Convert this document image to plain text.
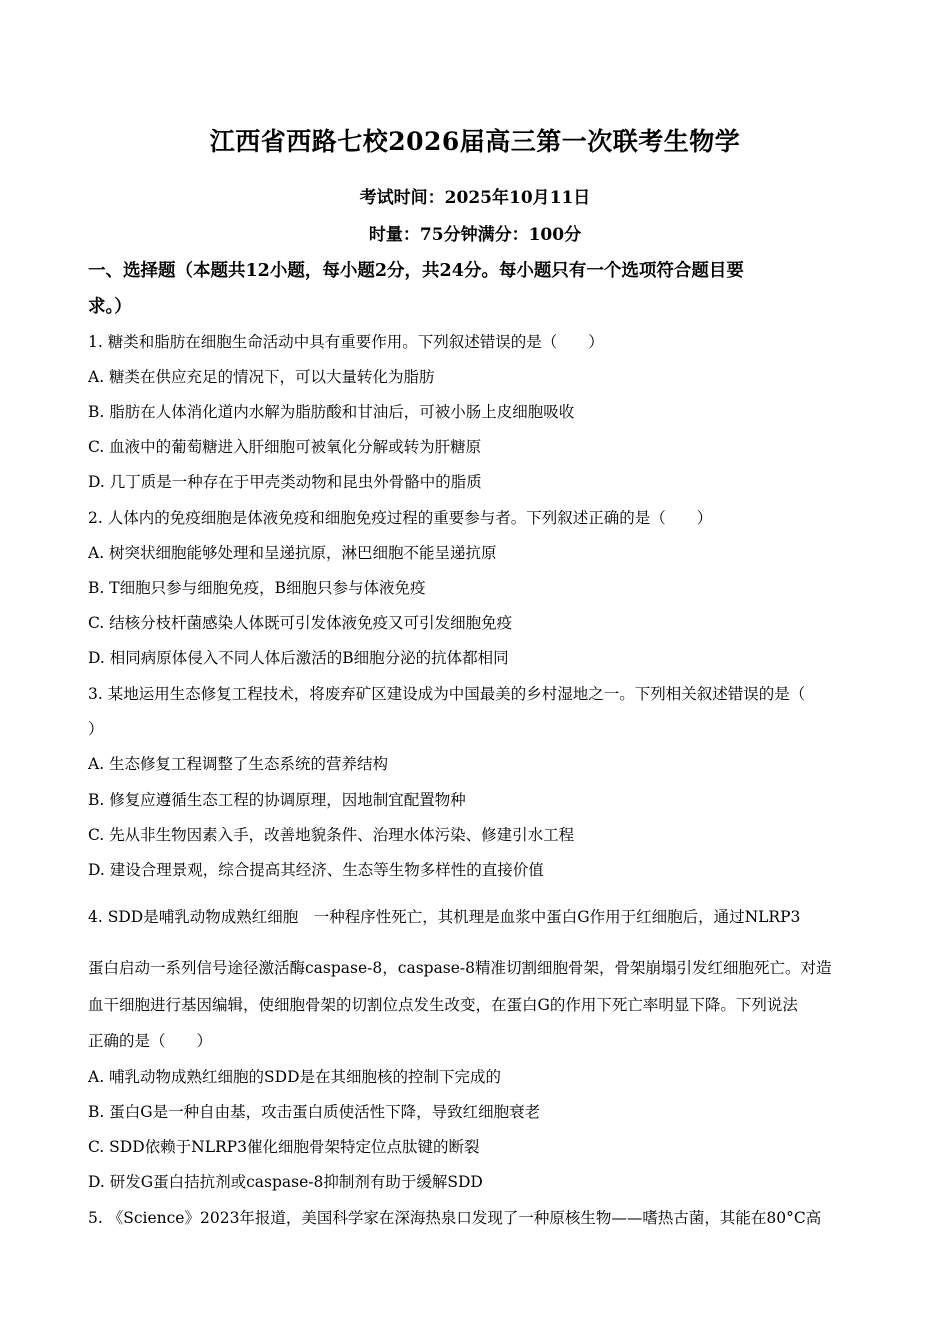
江西省西路七校2026届高三第一次联考生物学
考试时间：2025年10月11日
时量：75分钟满分：100分
一、选择题（本题共12小题，每小题2分，共24分。每小题只有一个选项符合题目要
求。）
1. 糖类和脂肪在细胞生命活动中具有重要作用。下列叙述错误的是（　　）
A. 糖类在供应充足的情况下，可以大量转化为脂肪
B. 脂肪在人体消化道内水解为脂肪酸和甘油后，可被小肠上皮细胞吸收
C. 血液中的葡萄糖进入肝细胞可被氧化分解或转为肝糖原
D. 几丁质是一种存在于甲壳类动物和昆虫外骨骼中的脂质
2. 人体内的免疫细胞是体液免疫和细胞免疫过程的重要参与者。下列叙述正确的是（　　）
A. 树突状细胞能够处理和呈递抗原，淋巴细胞不能呈递抗原
B. T细胞只参与细胞免疫，B细胞只参与体液免疫
C. 结核分枝杆菌感染人体既可引发体液免疫又可引发细胞免疫
D. 相同病原体侵入不同人体后激活的B细胞分泌的抗体都相同
3. 某地运用生态修复工程技术，将废弃矿区建设成为中国最美的乡村湿地之一。下列相关叙述错误的是（
）
A. 生态修复工程调整了生态系统的营养结构
B. 修复应遵循生态工程的协调原理，因地制宜配置物种
C. 先从非生物因素入手，改善地貌条件、治理水体污染、修建引水工程
D. 建设合理景观，综合提高其经济、生态等生物多样性的直接价值
4. SDD是哺乳动物成熟红细胞　一种程序性死亡，其机理是血浆中蛋白G作用于红细胞后，通过NLRP3
蛋白启动一系列信号途径激活酶caspase-8，caspase-8精准切割细胞骨架，骨架崩塌引发红细胞死亡。对造
血干细胞进行基因编辑，使细胞骨架的切割位点发生改变，在蛋白G的作用下死亡率明显下降。下列说法
正确的是（　　）
A. 哺乳动物成熟红细胞的SDD是在其细胞核的控制下完成的
B. 蛋白G是一种自由基，攻击蛋白质使活性下降，导致红细胞衰老
C. SDD依赖于NLRP3催化细胞骨架特定位点肽键的断裂
D. 研发G蛋白拮抗剂或caspase-8抑制剂有助于缓解SDD
5. 《Science》2023年报道，美国科学家在深海热泉口发现了一种原核生物——嗜热古菌，其能在80°C高
